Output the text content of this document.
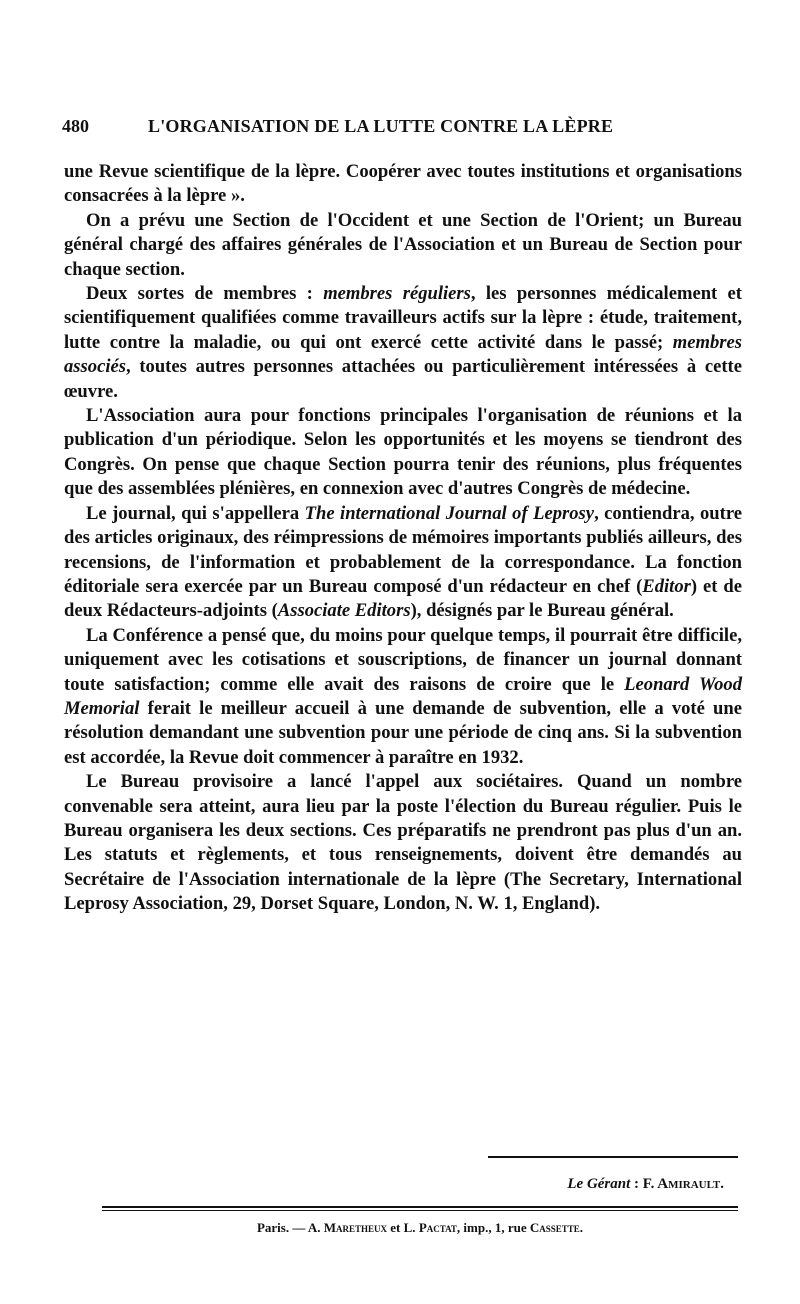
480	L'ORGANISATION DE LA LUTTE CONTRE LA LÈPRE

une Revue scientifique de la lèpre. Coopérer avec toutes institutions et organisations consacrées à la lèpre ».

On a prévu une Section de l'Occident et une Section de l'Orient; un Bureau général chargé des affaires générales de l'Association et un Bureau de Section pour chaque section.

Deux sortes de membres : membres réguliers, les personnes médicalement et scientifiquement qualifiées comme travailleurs actifs sur la lèpre : étude, traitement, lutte contre la maladie, ou qui ont exercé cette activité dans le passé; membres associés, toutes autres personnes attachées ou particulièrement intéressées à cette œuvre.

L'Association aura pour fonctions principales l'organisation de réunions et la publication d'un périodique. Selon les opportunités et les moyens se tiendront des Congrès. On pense que chaque Section pourra tenir des réunions, plus fréquentes que des assemblées plénières, en connexion avec d'autres Congrès de médecine.

Le journal, qui s'appellera The international Journal of Leprosy, contiendra, outre des articles originaux, des réimpressions de mémoires importants publiés ailleurs, des recensions, de l'information et probablement de la correspondance. La fonction éditoriale sera exercée par un Bureau composé d'un rédacteur en chef (Editor) et de deux Rédacteurs-adjoints (Associate Editors), désignés par le Bureau général.

La Conférence a pensé que, du moins pour quelque temps, il pourrait être difficile, uniquement avec les cotisations et souscriptions, de financer un journal donnant toute satisfaction; comme elle avait des raisons de croire que le Leonard Wood Memorial ferait le meilleur accueil à une demande de subvention, elle a voté une résolution demandant une subvention pour une période de cinq ans. Si la subvention est accordée, la Revue doit commencer à paraître en 1932.

Le Bureau provisoire a lancé l'appel aux sociétaires. Quand un nombre convenable sera atteint, aura lieu par la poste l'élection du Bureau régulier. Puis le Bureau organisera les deux sections. Ces préparatifs ne prendront pas plus d'un an. Les statuts et règlements, et tous renseignements, doivent être demandés au Secrétaire de l'Association internationale de la lèpre (The Secretary, International Leprosy Association, 29, Dorset Square, London, N. W. 1, England).

Le Gérant : F. Amirault.
Paris. — A. Maretheux et L. Pactat, imp., 1, rue Cassette.
